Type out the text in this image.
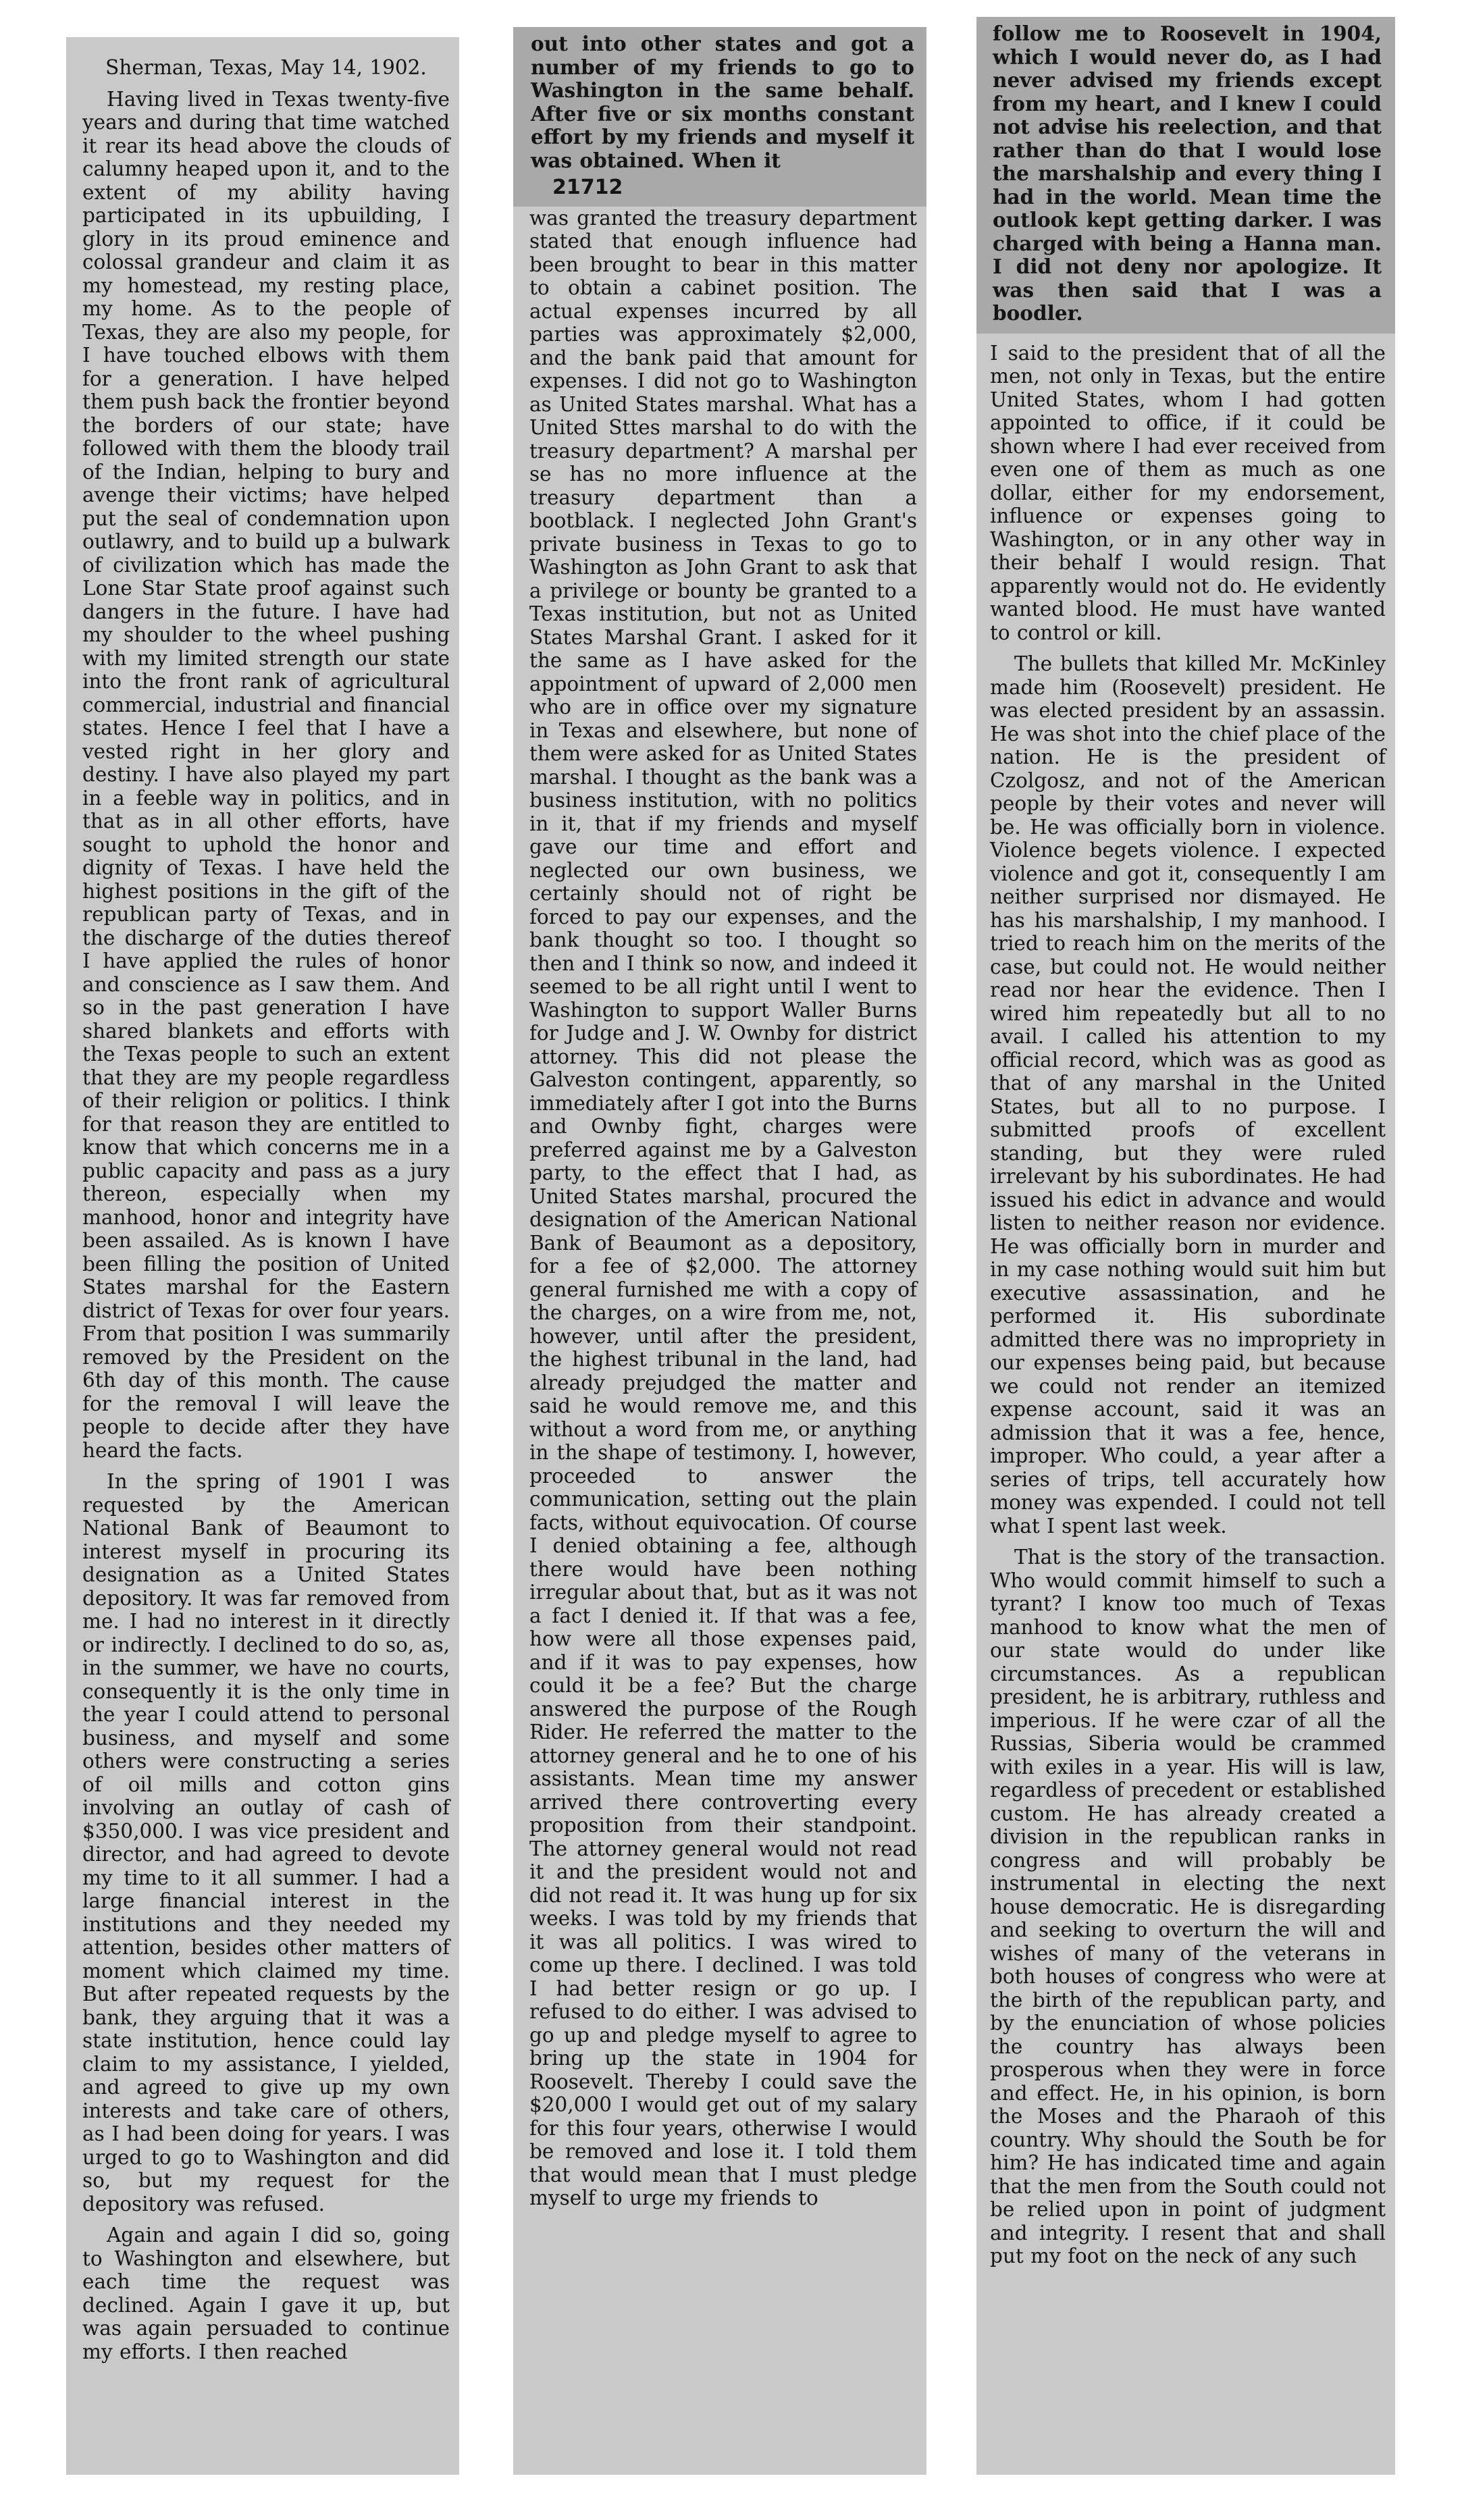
Sherman, Texas, May 14, 1902.

Having lived in Texas twenty-five years and during that time watched it rear its head above the clouds of calumny heaped upon it, and to the extent of my ability having participated in its upbuilding, I glory in its proud eminence and colossal grandeur and claim it as my homestead, my resting place, my home. As to the people of Texas, they are also my people, for I have touched elbows with them for a generation. I have helped them push back the frontier beyond the borders of our state; have followed with them the bloody trail of the Indian, helping to bury and avenge their victims; have helped put the seal of condemnation upon outlawry, and to build up a bulwark of civilization which has made the Lone Star State proof against such dangers in the future. I have had my shoulder to the wheel pushing with my limited strength our state into the front rank of agricultural commercial, industrial and financial states. Hence I feel that I have a vested right in her glory and destiny. I have also played my part in a feeble way in politics, and in that as in all other efforts, have sought to uphold the honor and dignity of Texas. I have held the highest positions in the gift of the republican party of Texas, and in the discharge of the duties thereof I have applied the rules of honor and conscience as I saw them. And so in the past generation I have shared blankets and efforts with the Texas people to such an extent that they are my people regardless of their religion or politics. I think for that reason they are entitled to know that which concerns me in a public capacity and pass as a jury thereon, especially when my manhood, honor and integrity have been assailed. As is known I have been filling the position of United States marshal for the Eastern district of Texas for over four years. From that position I was summarily removed by the President on the 6th day of this month. The cause for the removal I will leave the people to decide after they have heard the facts.

In the spring of 1901 I was requested by the American National Bank of Beaumont to interest myself in procuring its designation as a United States depository. It was far removed from me. I had no interest in it directly or indirectly. I declined to do so, as, in the summer, we have no courts, consequently it is the only time in the year I could attend to personal business, and myself and some others were constructing a series of oil mills and cotton gins involving an outlay of cash of $350,000. I was vice president and director, and had agreed to devote my time to it all summer. I had a large financial interest in the institutions and they needed my attention, besides other matters of moment which claimed my time. But after repeated requests by the bank, they arguing that it was a state institution, hence could lay claim to my assistance, I yielded, and agreed to give up my own interests and take care of others, as I had been doing for years. I was urged to go to Washington and did so, but my request for the depository was refused.

Again and again I did so, going to Washington and elsewhere, but each time the request was declined. Again I gave it up, but was again persuaded to continue my efforts. I then reached

out into other states and got a number of my friends to go to Washington in the same behalf. After five or six months constant effort by my friends and myself it was obtained. When it

21712

was granted the treasury department stated that enough influence had been brought to bear in this matter to obtain a cabinet position. The actual expenses incurred by all parties was approximately $2,000, and the bank paid that amount for expenses. I did not go to Washington as United States marshal. What has a United Sttes marshal to do with the treasury department? A marshal per se has no more influence at the treasury department than a bootblack. I neglected John Grant's private business in Texas to go to Washington as John Grant to ask that a privilege or bounty be granted to a Texas institution, but not as United States Marshal Grant. I asked for it the same as I have asked for the appointment of upward of 2,000 men who are in office over my signature in Texas and elsewhere, but none of them were asked for as United States marshal. I thought as the bank was a business institution, with no politics in it, that if my friends and myself gave our time and effort and neglected our own business, we certainly should not of right be forced to pay our expenses, and the bank thought so too. I thought so then and I think so now, and indeed it seemed to be all right until I went to Washington to support Waller Burns for Judge and J. W. Ownby for district attorney. This did not please the Galveston contingent, apparently, so immediately after I got into the Burns and Ownby fight, charges were preferred against me by a Galveston party, to the effect that I had, as United States marshal, procured the designation of the American National Bank of Beaumont as a depository, for a fee of $2,000. The attorney general furnished me with a copy of the charges, on a wire from me, not, however, until after the president, the highest tribunal in the land, had already prejudged the matter and said he would remove me, and this without a word from me, or anything in the shape of testimony. I, however, proceeded to answer the communication, setting out the plain facts, without equivocation. Of course I denied obtaining a fee, although there would have been nothing irregular about that, but as it was not a fact I denied it. If that was a fee, how were all those expenses paid, and if it was to pay expenses, how could it be a fee? But the charge answered the purpose of the Rough Rider. He referred the matter to the attorney general and he to one of his assistants. Mean time my answer arrived there controverting every proposition from their standpoint. The attorney general would not read it and the president would not and did not read it. It was hung up for six weeks. I was told by my friends that it was all politics. I was wired to come up there. I declined. I was told I had better resign or go up. I refused to do either. I was advised to go up and pledge myself to agree to bring up the state in 1904 for Roosevelt. Thereby I could save the $20,000 I would get out of my salary for this four years, otherwise I would be removed and lose it. I told them that would mean that I must pledge myself to urge my friends to

follow me to Roosevelt in 1904, which I would never do, as I had never advised my friends except from my heart, and I knew I could not advise his reelection, and that rather than do that I would lose the marshalship and every thing I had in the world. Mean time the outlook kept getting darker. I was charged with being a Hanna man. I did not deny nor apologize. It was then said that I was a boodler.

I said to the president that of all the men, not only in Texas, but the entire United States, whom I had gotten appointed to office, if it could be shown where I had ever received from even one of them as much as one dollar, either for my endorsement, influence or expenses going to Washington, or in any other way in their behalf I would resign. That apparently would not do. He evidently wanted blood. He must have wanted to control or kill.

The bullets that killed Mr. McKinley made him (Roosevelt) president. He was elected president by an assassin. He was shot into the chief place of the nation. He is the president of Czolgosz, and not of the American people by their votes and never will be. He was officially born in violence. Violence begets violence. I expected violence and got it, consequently I am neither surprised nor dismayed. He has his marshalship, I my manhood. I tried to reach him on the merits of the case, but could not. He would neither read nor hear the evidence. Then I wired him repeatedly but all to no avail. I called his attention to my official record, which was as good as that of any marshal in the United States, but all to no purpose. I submitted proofs of excellent standing, but they were ruled irrelevant by his subordinates. He had issued his edict in advance and would listen to neither reason nor evidence. He was officially born in murder and in my case nothing would suit him but executive assassination, and he performed it. His subordinate admitted there was no impropriety in our expenses being paid, but because we could not render an itemized expense account, said it was an admission that it was a fee, hence, improper. Who could, a year after a series of trips, tell accurately how money was expended. I could not tell what I spent last week.

That is the story of the transaction. Who would commit himself to such a tyrant? I know too much of Texas manhood to know what the men of our state would do under like circumstances. As a republican president, he is arbitrary, ruthless and imperious. If he were czar of all the Russias, Siberia would be crammed with exiles in a year. His will is law, regardless of precedent or established custom. He has already created a division in the republican ranks in congress and will probably be instrumental in electing the next house democratic. He is disregarding and seeking to overturn the will and wishes of many of the veterans in both houses of congress who were at the birth of the republican party, and by the enunciation of whose policies the country has always been prosperous when they were in force and effect. He, in his opinion, is born the Moses and the Pharaoh of this country. Why should the South be for him? He has indicated time and again that the men from the South could not be relied upon in point of judgment and integrity. I resent that and shall put my foot on the neck of any such
